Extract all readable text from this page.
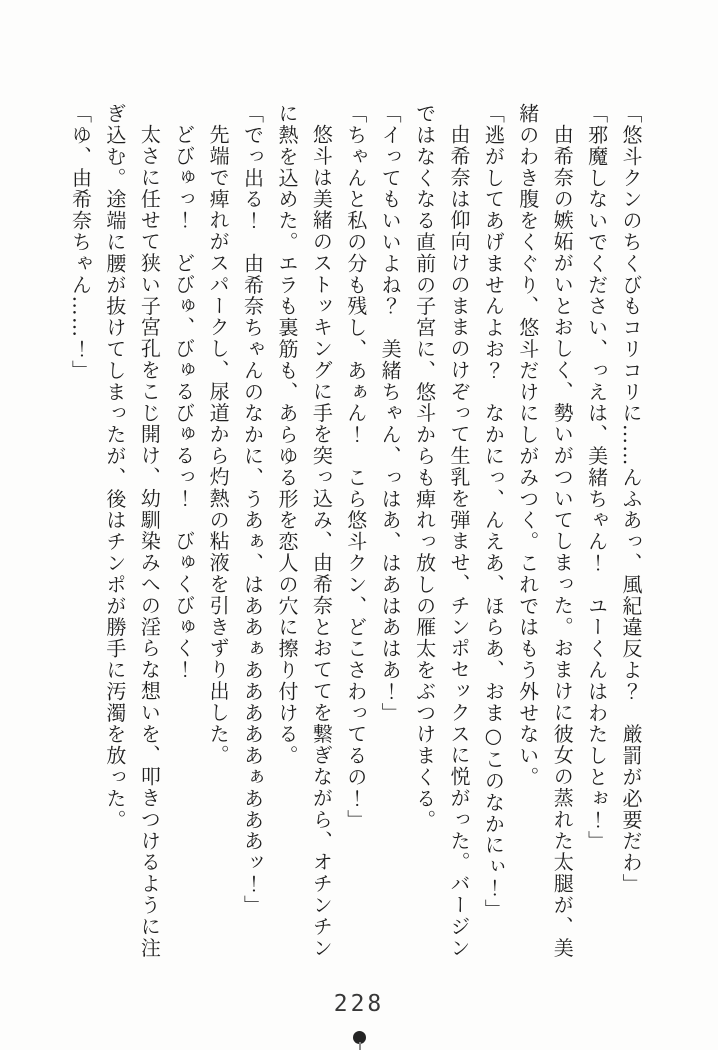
「悠斗クンのちくびもコリコリに……んふあっ、風紀違反よ？　厳罰が必要だわ」
「邪魔しないでください、っえは、美緒ちゃん！　ユーくんはわたしとぉ！」
由希奈の嫉妬がいとおしく、勢いがついてしまった。おまけに彼女の蒸れた太腿が、美
緒のわき腹をくぐり、悠斗だけにしがみつく。これではもう外せない。
「逃がしてあげませんよお？　なかにっ、んえあ、ほらあ、おま○このなかにぃ！」
由希奈は仰向けのままのけぞって生乳を弾ませ、チンポセックスに悦がった。バージン
ではなくなる直前の子宮に、悠斗からも痺れっ放しの雁太をぶつけまくる。
「イってもいいよね？　美緒ちゃん、っはあ、はあはあはあ！」
「ちゃんと私の分も残し、あぁん！　こら悠斗クン、どこさわってるの！」
悠斗は美緒のストッキングに手を突っ込み、由希奈とおててを繋ぎながら、オチンチン
に熱を込めた。エラも裏筋も、あらゆる形を恋人の穴に擦り付ける。
「でっ出る！　由希奈ちゃんのなかに、うあぁ、はああぁあああああぁあああッ！」
先端で痺れがスパークし、尿道から灼熱の粘液を引きずり出した。
どびゅっ！　どびゅ、びゅるびゅるっ！　びゅくびゅく！
太さに任せて狭い子宮孔をこじ開け、幼馴染みへの淫らな想いを、叩きつけるように注
ぎ込む。途端に腰が抜けてしまったが、後はチンポが勝手に汚濁を放った。
「ゆ、由希奈ちゃん……！」
228
